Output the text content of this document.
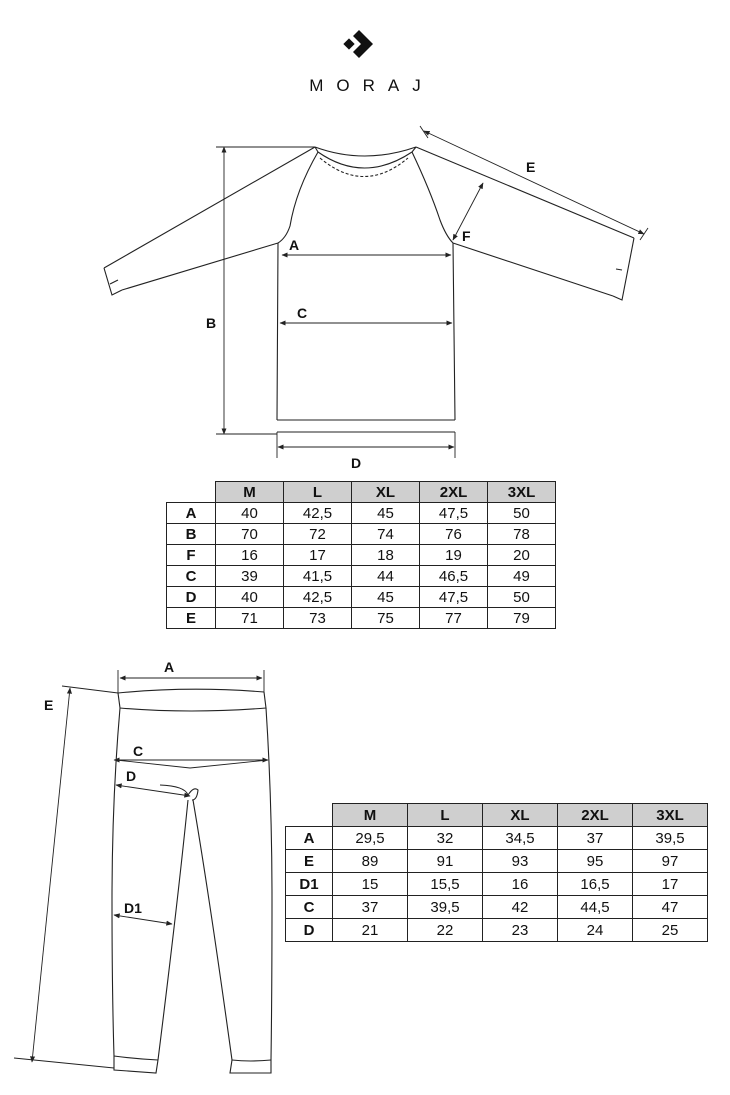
MORAJ
A
B
C
D
E
F
A
E
C
D
D1
	M	L	XL	2XL	3XL
A	40	42,5	45	47,5	50
B	70	72	74	76	78
F	16	17	18	19	20
C	39	41,5	44	46,5	49
D	40	42,5	45	47,5	50
E	71	73	75	77	79
	M	L	XL	2XL	3XL
A	29,5	32	34,5	37	39,5
E	89	91	93	95	97
D1	15	15,5	16	16,5	17
C	37	39,5	42	44,5	47
D	21	22	23	24	25
